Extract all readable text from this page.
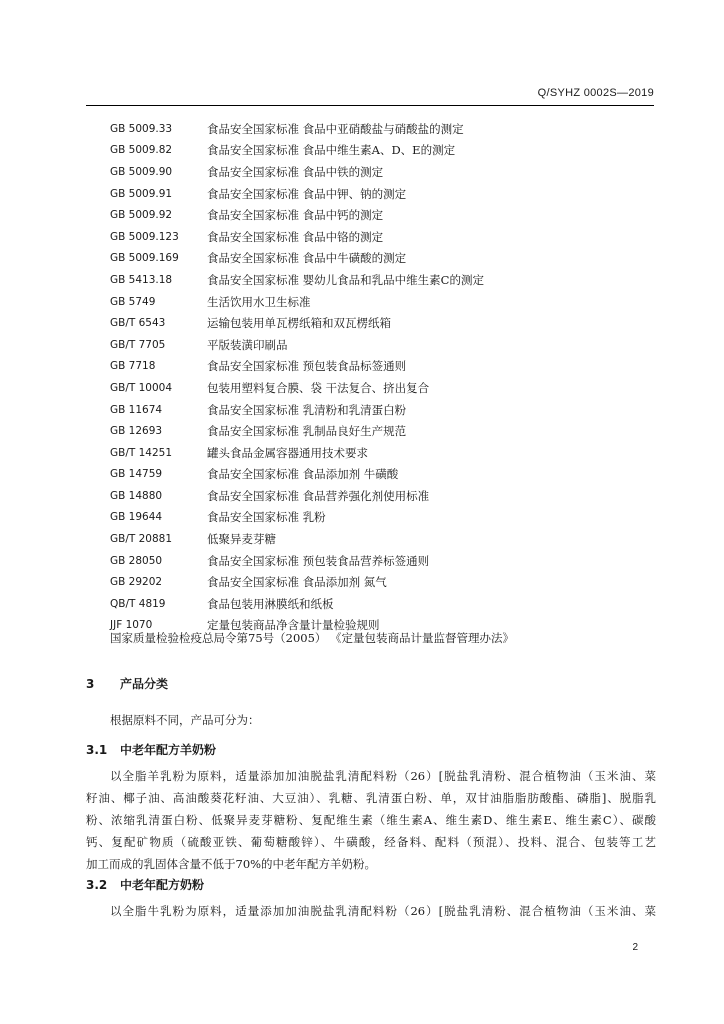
Q/SYHZ 0002S—2019
GB 5009.33	食品安全国家标准 食品中亚硝酸盐与硝酸盐的测定
GB 5009.82	食品安全国家标准 食品中维生素A、D、E的测定
GB 5009.90	食品安全国家标准 食品中铁的测定
GB 5009.91	食品安全国家标准 食品中钾、钠的测定
GB 5009.92	食品安全国家标准 食品中钙的测定
GB 5009.123	食品安全国家标准 食品中铬的测定
GB 5009.169	食品安全国家标准 食品中牛磺酸的测定
GB 5413.18	食品安全国家标准 婴幼儿食品和乳品中维生素C的测定
GB 5749	生活饮用水卫生标准
GB/T 6543	运输包装用单瓦楞纸箱和双瓦楞纸箱
GB/T 7705	平版装潢印刷品
GB 7718	食品安全国家标准 预包装食品标签通则
GB/T 10004	包装用塑料复合膜、袋 干法复合、挤出复合
GB 11674	食品安全国家标准 乳清粉和乳清蛋白粉
GB 12693	食品安全国家标准 乳制品良好生产规范
GB/T 14251	罐头食品金属容器通用技术要求
GB 14759	食品安全国家标准 食品添加剂 牛磺酸
GB 14880	食品安全国家标准 食品营养强化剂使用标准
GB 19644	食品安全国家标准 乳粉
GB/T 20881	低聚异麦芽糖
GB 28050	食品安全国家标准 预包装食品营养标签通则
GB 29202	食品安全国家标准 食品添加剂 氮气
QB/T 4819	食品包装用淋膜纸和纸板
JJF 1070	定量包装商品净含量计量检验规则
国家质量检验检疫总局令第75号（2005） 《定量包装商品计量监督管理办法》
3 产品分类
根据原料不同，产品可分为：
3.1 中老年配方羊奶粉
以全脂羊乳粉为原料，适量添加加油脱盐乳清配料粉（26）[脱盐乳清粉、混合植物油（玉米油、菜
籽油、椰子油、高油酸葵花籽油、大豆油）、乳糖、乳清蛋白粉、单，双甘油脂脂肪酸酯、磷脂]、脱脂乳
粉、浓缩乳清蛋白粉、低聚异麦芽糖粉、复配维生素（维生素A、维生素D、维生素E、维生素C）、碳酸
钙、复配矿物质（硫酸亚铁、葡萄糖酸锌）、牛磺酸，经备料、配料（预混）、投料、混合、包装等工艺
加工而成的乳固体含量不低于70%的中老年配方羊奶粉。
3.2 中老年配方奶粉
以全脂牛乳粉为原料，适量添加加油脱盐乳清配料粉（26）[脱盐乳清粉、混合植物油（玉米油、菜
2
